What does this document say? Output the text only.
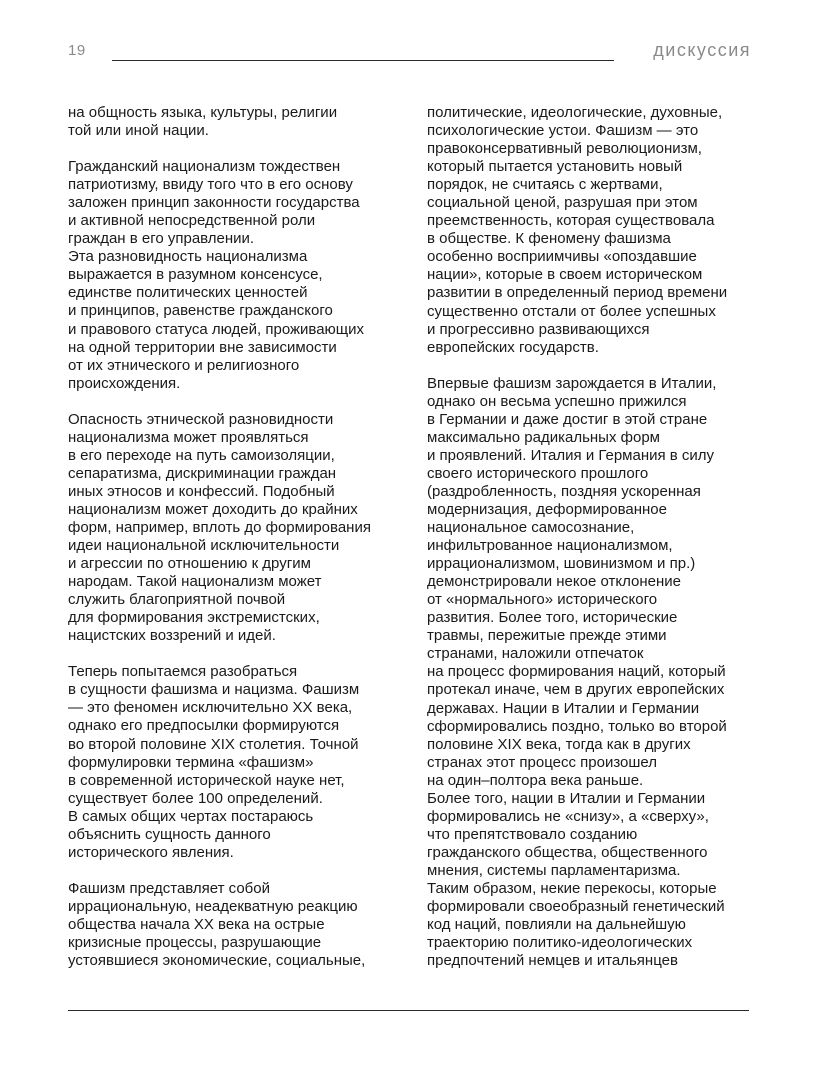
19	дискуссия

на общность языка, культуры, религии
той или иной нации.

Гражданский национализм тождествен
патриотизму, ввиду того что в его основу
заложен принцип законности государства
и активной непосредственной роли
граждан в его управлении.

Эта разновидность национализма
выражается в разумном консенсусе,
единстве политических ценностей
и принципов, равенстве гражданского
и правового статуса людей, проживающих
на одной территории вне зависимости
от их этнического и религиозного
происхождения.

Опасность этнической разновидности
национализма может проявляться
в его переходе на путь самоизоляции,
сепаратизма, дискриминации граждан
иных этносов и конфессий. Подобный
национализм может доходить до крайних
форм, например, вплоть до формирования
идеи национальной исключительности
и агрессии по отношению к другим
народам. Такой национализм может
служить благоприятной почвой
для формирования экстремистских,
нацистских воззрений и идей.

Теперь попытаемся разобраться
в сущности фашизма и нацизма. Фашизм
— это феномен исключительно XX века,
однако его предпосылки формируются
во второй половине XIX столетия. Точной
формулировки термина «фашизм»
в современной исторической науке нет,
существует более 100 определений.
В самых общих чертах постараюсь
объяснить сущность данного
исторического явления.

Фашизм представляет собой
иррациональную, неадекватную реакцию
общества начала XX века на острые
кризисные процессы, разрушающие
устоявшиеся экономические, социальные,

политические, идеологические, духовные,
психологические устои. Фашизм — это
правоконсервативный революционизм,
который пытается установить новый
порядок, не считаясь с жертвами,
социальной ценой, разрушая при этом
преемственность, которая существовала
в обществе. К феномену фашизма
особенно восприимчивы «опоздавшие
нации», которые в своем историческом
развитии в определенный период времени
существенно отстали от более успешных
и прогрессивно развивающихся
европейских государств.

Впервые фашизм зарождается в Италии,
однако он весьма успешно прижился
в Германии и даже достиг в этой стране
максимально радикальных форм
и проявлений. Италия и Германия в силу
своего исторического прошлого
(раздробленность, поздняя ускоренная
модернизация, деформированное
национальное самосознание,
инфильтрованное национализмом,
иррационализмом, шовинизмом и пр.)
демонстрировали некое отклонение
от «нормального» исторического
развития. Более того, исторические
травмы, пережитые прежде этими
странами, наложили отпечаток
на процесс формирования наций, который
протекал иначе, чем в других европейских
державах. Нации в Италии и Германии
сформировались поздно, только во второй
половине XIX века, тогда как в других
странах этот процесс произошел
на один–полтора века раньше.

Более того, нации в Италии и Германии
формировались не «снизу», а «сверху»,
что препятствовало созданию
гражданского общества, общественного
мнения, системы парламентаризма.

Таким образом, некие перекосы, которые
формировали своеобразный генетический
код наций, повлияли на дальнейшую
траекторию политико-идеологических
предпочтений немцев и итальянцев
